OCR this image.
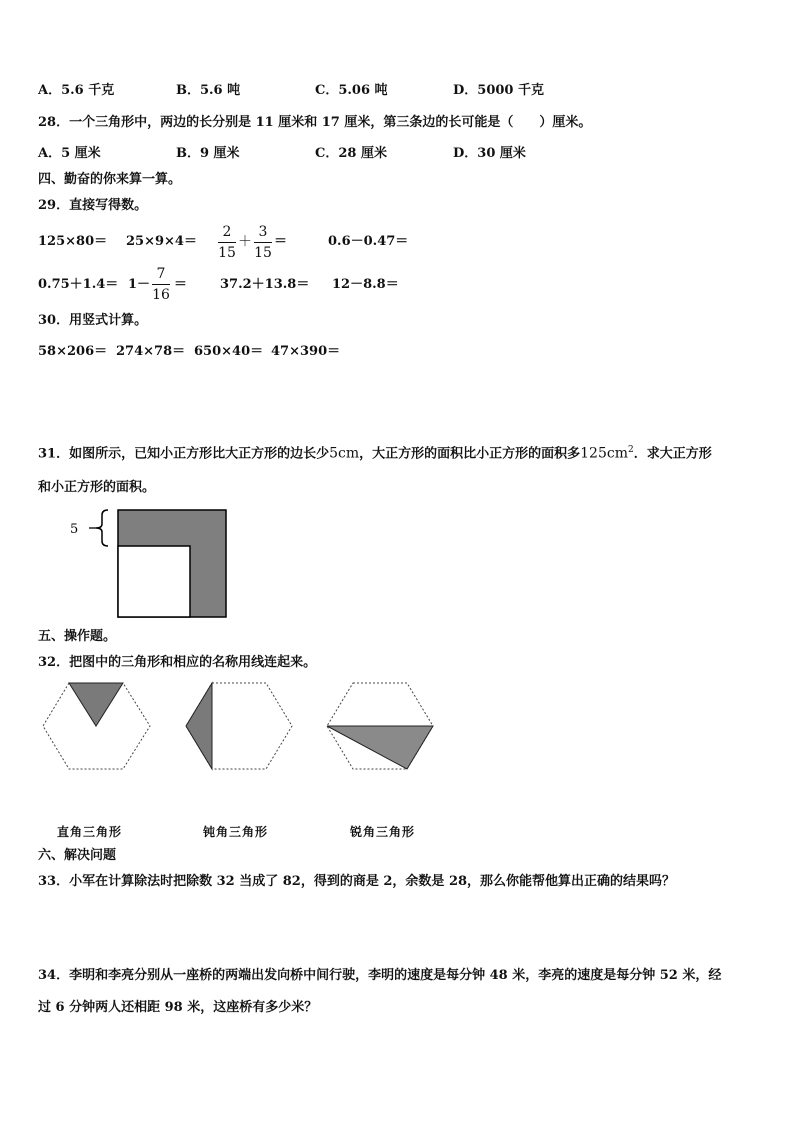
A．5.6 千克	B．5.6 吨	C．5.06 吨	D．5000 千克
28．一个三角形中，两边的长分别是 11 厘米和 17 厘米，第三条边的长可能是（　　）厘米。
A．5 厘米	B．9 厘米	C．28 厘米	D．30 厘米
四、勤奋的你来算一算。
29．直接写得数。
125×80＝ 25×9×4＝
2
15
＋
3
15
＝	0.6－0.47＝
0.75＋1.4＝ 1－
7
16
＝	37.2＋13.8＝ 12－8.8＝
30．用竖式计算。
58×206＝ 274×78＝ 650×40＝ 47×390＝
31．如图所示，已知小正方形比大正方形的边长少5cm，大正方形的面积比小正方形的面积多$125cm^2$．求大正方形
和小正方形的面积。
5
五、操作题。
32．把图中的三角形和相应的名称用线连起来。
直角三角形	钝角三角形	锐角三角形
六、解决问题
33．小军在计算除法时把除数 32 当成了 82，得到的商是 2，余数是 28，那么你能帮他算出正确的结果吗？
34．李明和李亮分别从一座桥的两端出发向桥中间行驶，李明的速度是每分钟 48 米，李亮的速度是每分钟 52 米，经
过 6 分钟两人还相距 98 米，这座桥有多少米？
